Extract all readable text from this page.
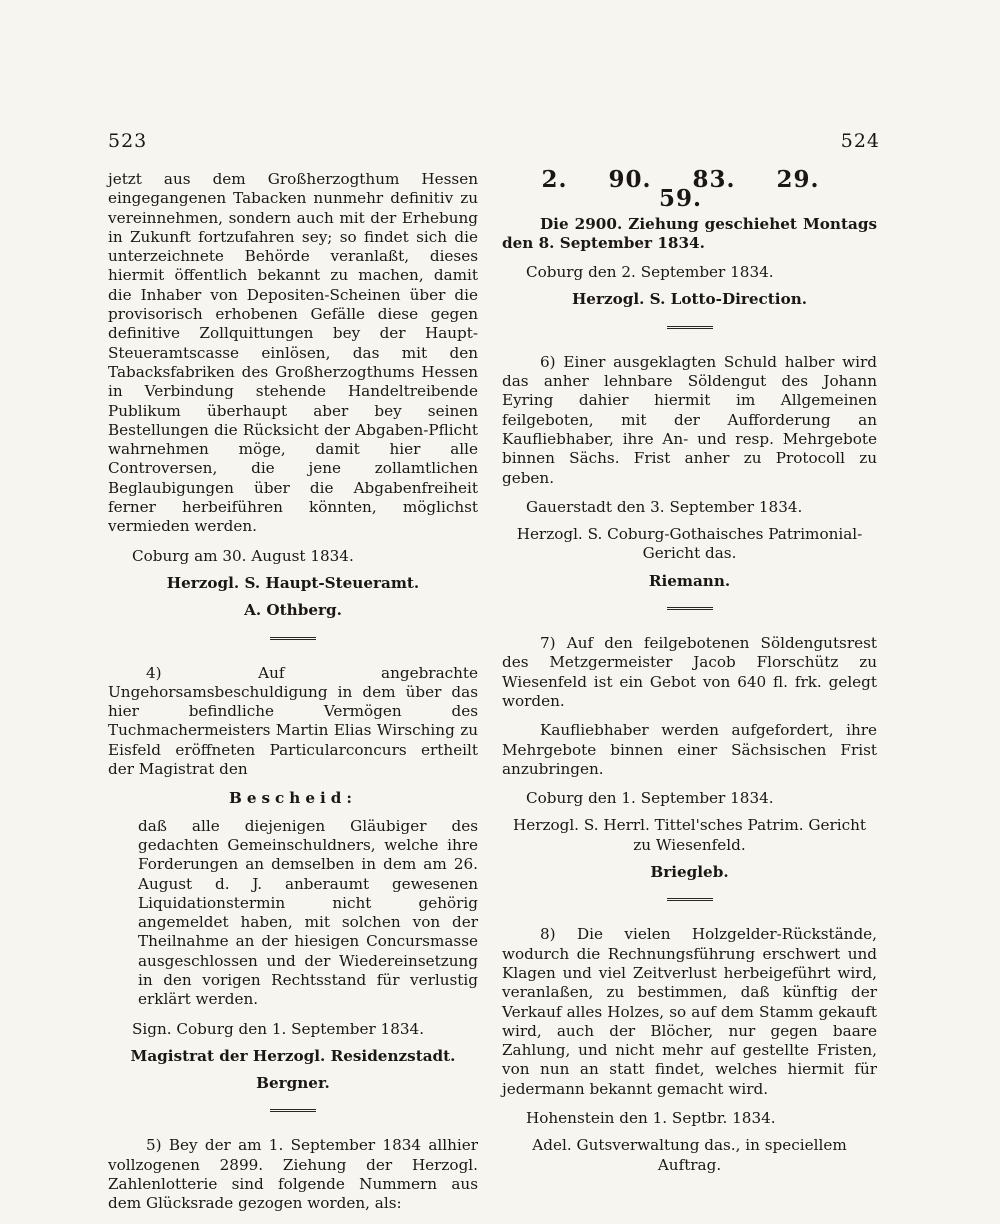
523	524

jetzt aus dem Großherzogthum Hessen eingegangenen Tabacken nunmehr definitiv zu vereinnehmen, sondern auch mit der Erhebung in Zukunft fortzufahren sey; so findet sich die unterzeichnete Behörde veranlaßt, dieses hiermit öffentlich bekannt zu machen, damit die Inhaber von Depositen-Scheinen über die provisorisch erhobenen Gefälle diese gegen definitive Zollquittungen bey der Haupt-Steueramtscasse einlösen, das mit den Tabacksfabriken des Großherzogthums Hessen in Verbindung stehende Handeltreibende Publikum überhaupt aber bey seinen Bestellungen die Rücksicht der Abgaben-Pflicht wahrnehmen möge, damit hier alle Controversen, die jene zollamtlichen Beglaubigungen über die Abgabenfreiheit ferner herbeiführen könnten, möglichst vermieden werden.

Coburg am 30. August 1834.
Herzogl. S. Haupt-Steueramt.
A. Othberg.

4) Auf angebrachte Ungehorsamsbeschuldigung in dem über das hier befindliche Vermögen des Tuchmachermeisters Martin Elias Wirsching zu Eisfeld eröffneten Particularconcurs ertheilt der Magistrat den

Bescheid:

daß alle diejenigen Gläubiger des gedachten Gemeinschuldners, welche ihre Forderungen an demselben in dem am 26. August d. J. anberaumt gewesenen Liquidationstermin nicht gehörig angemeldet haben, mit solchen von der Theilnahme an der hiesigen Concursmasse ausgeschlossen und der Wiedereinsetzung in den vorigen Rechtsstand für verlustig erklärt werden.

Sign. Coburg den 1. September 1834.
Magistrat der Herzogl. Residenzstadt.
Bergner.

5) Bey der am 1. September 1834 allhier vollzogenen 2899. Ziehung der Herzogl. Zahlenlotterie sind folgende Nummern aus dem Glücksrade gezogen worden, als:

2. 90. 83. 29. 59.

Die 2900. Ziehung geschiehet Montags den 8. September 1834.

Coburg den 2. September 1834.
Herzogl. S. Lotto-Direction.

6) Einer ausgeklagten Schuld halber wird das anher lehnbare Söldengut des Johann Eyring dahier hiermit im Allgemeinen feilgeboten, mit der Aufforderung an Kaufliebhaber, ihre An- und resp. Mehrgebote binnen Sächs. Frist anher zu Protocoll zu geben.

Gauerstadt den 3. September 1834.
Herzogl. S. Coburg-Gothaisches Patrimonial-Gericht das.
Riemann.

7) Auf den feilgebotenen Söldengutsrest des Metzgermeister Jacob Florschütz zu Wiesenfeld ist ein Gebot von 640 fl. frk. gelegt worden.

Kaufliebhaber werden aufgefordert, ihre Mehrgebote binnen einer Sächsischen Frist anzubringen.

Coburg den 1. September 1834.
Herzogl. S. Herrl. Tittel'sches Patrim. Gericht zu Wiesenfeld.
Briegleb.

8) Die vielen Holzgelder-Rückstände, wodurch die Rechnungsführung erschwert und Klagen und viel Zeitverlust herbeigeführt wird, veranlaßen, zu bestimmen, daß künftig der Verkauf alles Holzes, so auf dem Stamm gekauft wird, auch der Blöcher, nur gegen baare Zahlung, und nicht mehr auf gestellte Fristen, von nun an statt findet, welches hiermit für jedermann bekannt gemacht wird.

Hohenstein den 1. Septbr. 1834.
Adel. Gutsverwaltung das., in speciellem Auftrag.
